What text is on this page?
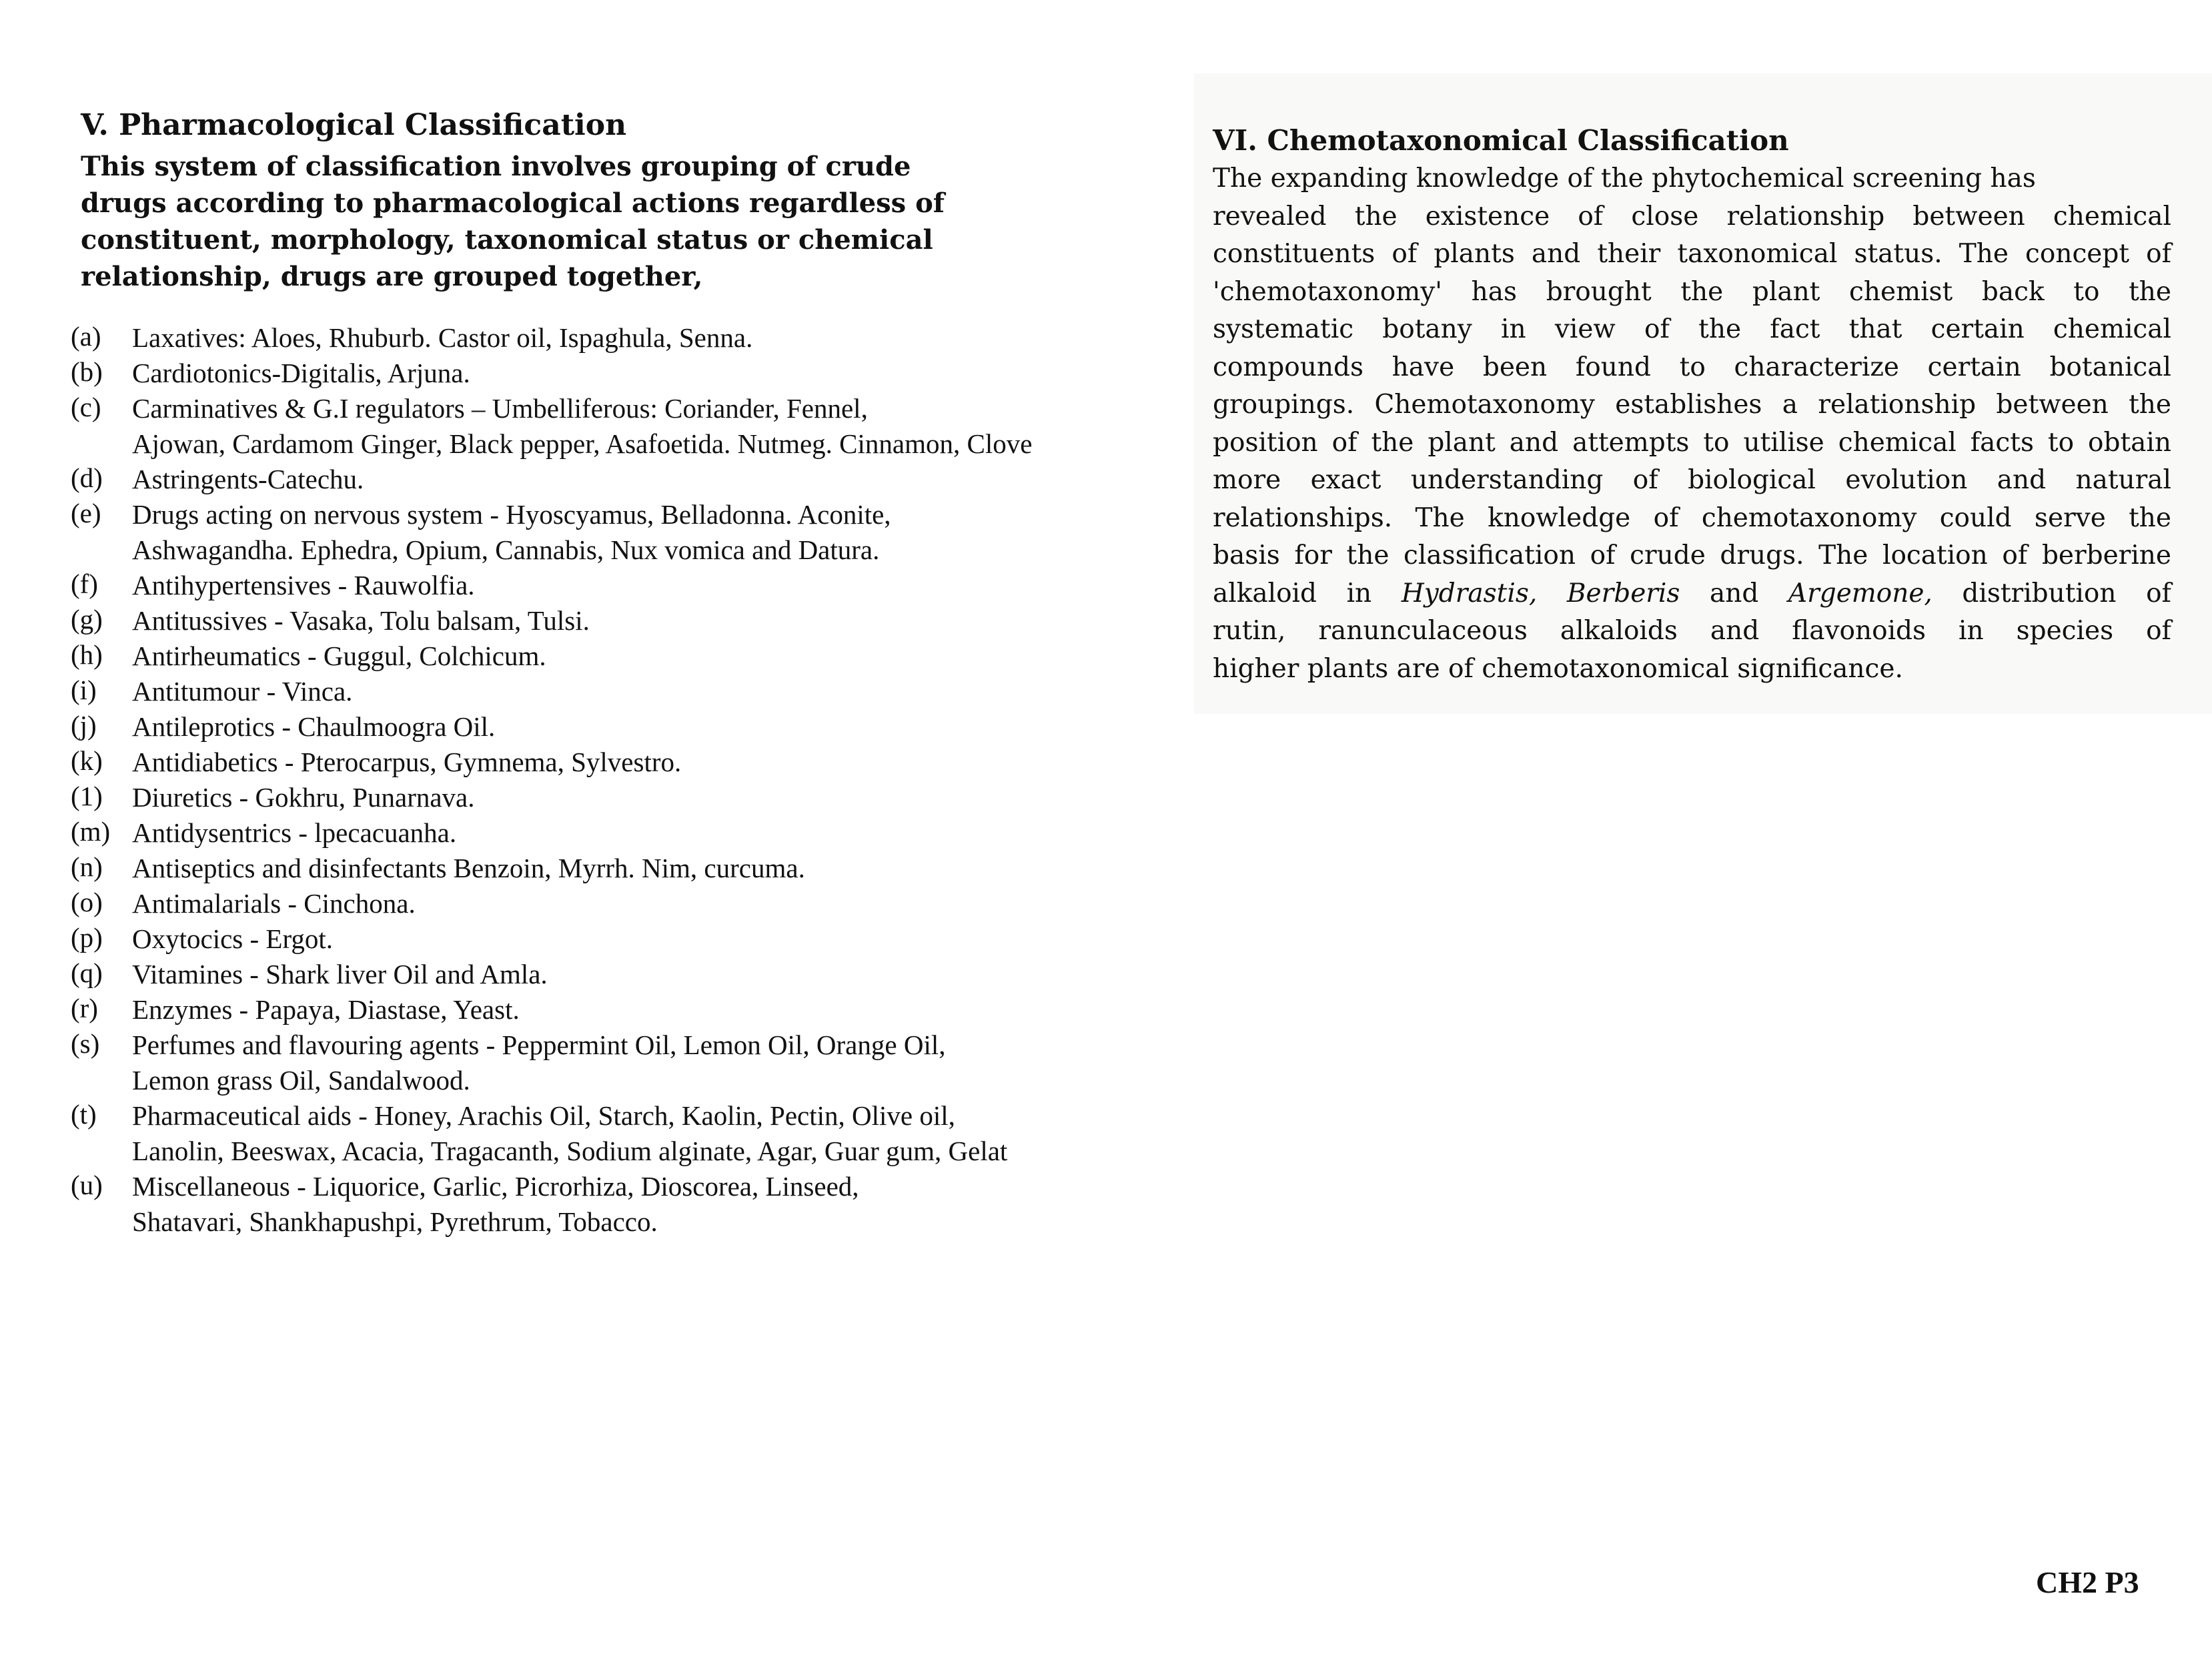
V. Pharmacological Classification
This system of classification involves grouping of crude
drugs according to pharmacological actions regardless of
constituent, morphology, taxonomical status or chemical
relationship, drugs are grouped together,
(a)	Laxatives: Aloes, Rhuburb. Castor oil, Ispaghula, Senna.
(b)	Cardiotonics-Digitalis, Arjuna.
(c)	Carminatives & G.I regulators – Umbelliferous: Coriander, Fennel,
Ajowan, Cardamom Ginger, Black pepper, Asafoetida. Nutmeg. Cinnamon, Clove
(d)	Astringents-Catechu.
(e)	Drugs acting on nervous system - Hyoscyamus, Belladonna. Aconite,
Ashwagandha. Ephedra, Opium, Cannabis, Nux vomica and Datura.
(f)	Antihypertensives - Rauwolfia.
(g)	Antitussives - Vasaka, Tolu balsam, Tulsi.
(h)	Antirheumatics - Guggul, Colchicum.
(i)	Antitumour - Vinca.
(j)	Antileprotics - Chaulmoogra Oil.
(k)	Antidiabetics - Pterocarpus, Gymnema, Sylvestro.
(1)	Diuretics - Gokhru, Punarnava.
(m) Antidysentrics - lpecacuanha.
(n)	Antiseptics and disinfectants Benzoin, Myrrh. Nim, curcuma.
(o)	Antimalarials - Cinchona.
(p)	Oxytocics - Ergot.
(q)	Vitamines - Shark liver Oil and Amla.
(r)	Enzymes - Papaya, Diastase, Yeast.
(s)	Perfumes and flavouring agents - Peppermint Oil, Lemon Oil, Orange Oil,
Lemon grass Oil, Sandalwood.
(t)	Pharmaceutical aids - Honey, Arachis Oil, Starch, Kaolin, Pectin, Olive oil,
Lanolin, Beeswax, Acacia, Tragacanth, Sodium alginate, Agar, Guar gum, Gelat
(u)	Miscellaneous - Liquorice, Garlic, Picrorhiza, Dioscorea, Linseed,
Shatavari, Shankhapushpi, Pyrethrum, Tobacco.
VI. Chemotaxonomical Classification
The expanding knowledge of the phytochemical screening has
revealed the existence of close relationship between chemical
constituents of plants and their taxonomical status. The concept of
'chemotaxonomy' has brought the plant chemist back to the
systematic botany in view of the fact that certain chemical
compounds have been found to characterize certain botanical
groupings. Chemotaxonomy establishes a relationship between the
position of the plant and attempts to utilise chemical facts to obtain
more exact understanding of biological evolution and natural
relationships. The knowledge of chemotaxonomy could serve the
basis for the classification of crude drugs. The location of berberine
alkaloid in Hydrastis, Berberis and Argemone, distribution of
rutin, ranunculaceous alkaloids and flavonoids in species of
higher plants are of chemotaxonomical significance.
CH2 P3
